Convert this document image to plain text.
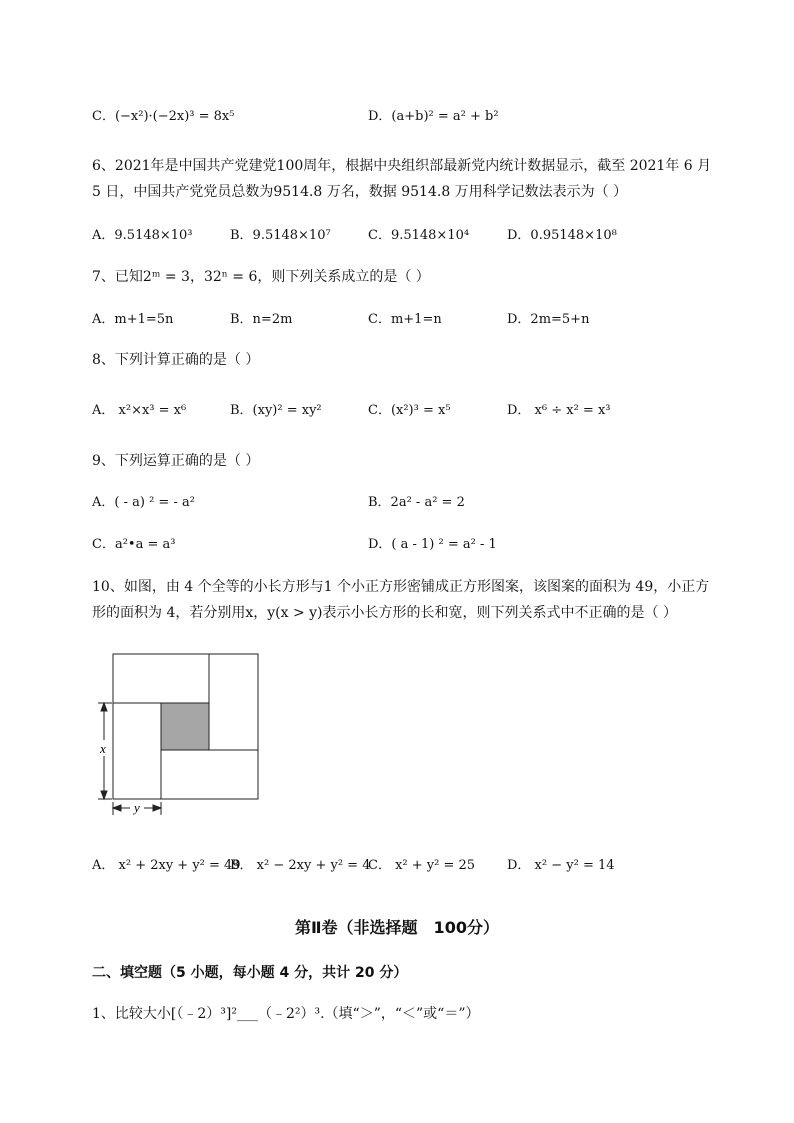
C．(−x²)·(−2x)³ = 8x⁵	D．(a+b)² = a² + b²
6、2021年是中国共产党建党100周年，根据中央组织部最新党内统计数据显示，截至 2021年 6 月
5 日，中国共产党党员总数为9514.8 万名，数据 9514.8 万用科学记数法表示为（ ）
A．9.5148×10³	B．9.5148×10⁷	C．9.5148×10⁴	D．0.95148×10⁸
7、已知2ᵐ = 3，32ⁿ = 6，则下列关系成立的是（ ）
A．m+1=5n	B．n=2m	C．m+1=n	D．2m=5+n
8、下列计算正确的是（ ）
A． x²×x³ = x⁶	B．(xy)² = xy²	C．(x²)³ = x⁵	D． x⁶ ÷ x² = x³
9、下列运算正确的是（ ）
A．( - a) ² = - a²	B．2a² - a² = 2
C．a²•a = a³	D．( a - 1) ² = a² - 1
10、如图，由 4 个全等的小长方形与1 个小正方形密铺成正方形图案，该图案的面积为 49，小正方
形的面积为 4，若分别用x，y(x > y)表示小长方形的长和宽，则下列关系式中不正确的是（ ）
x
y
A． x² + 2xy + y² = 49
B． x² − 2xy + y² = 4
C． x² + y² = 25 D． x² − y² = 14
第Ⅱ卷（非选择题　100分）
二、填空题（5 小题，每小题 4 分，共计 20 分）
1、比较大小[（﹣2）³]²___（﹣2²）³.（填“＞”，“＜”或“＝”）
